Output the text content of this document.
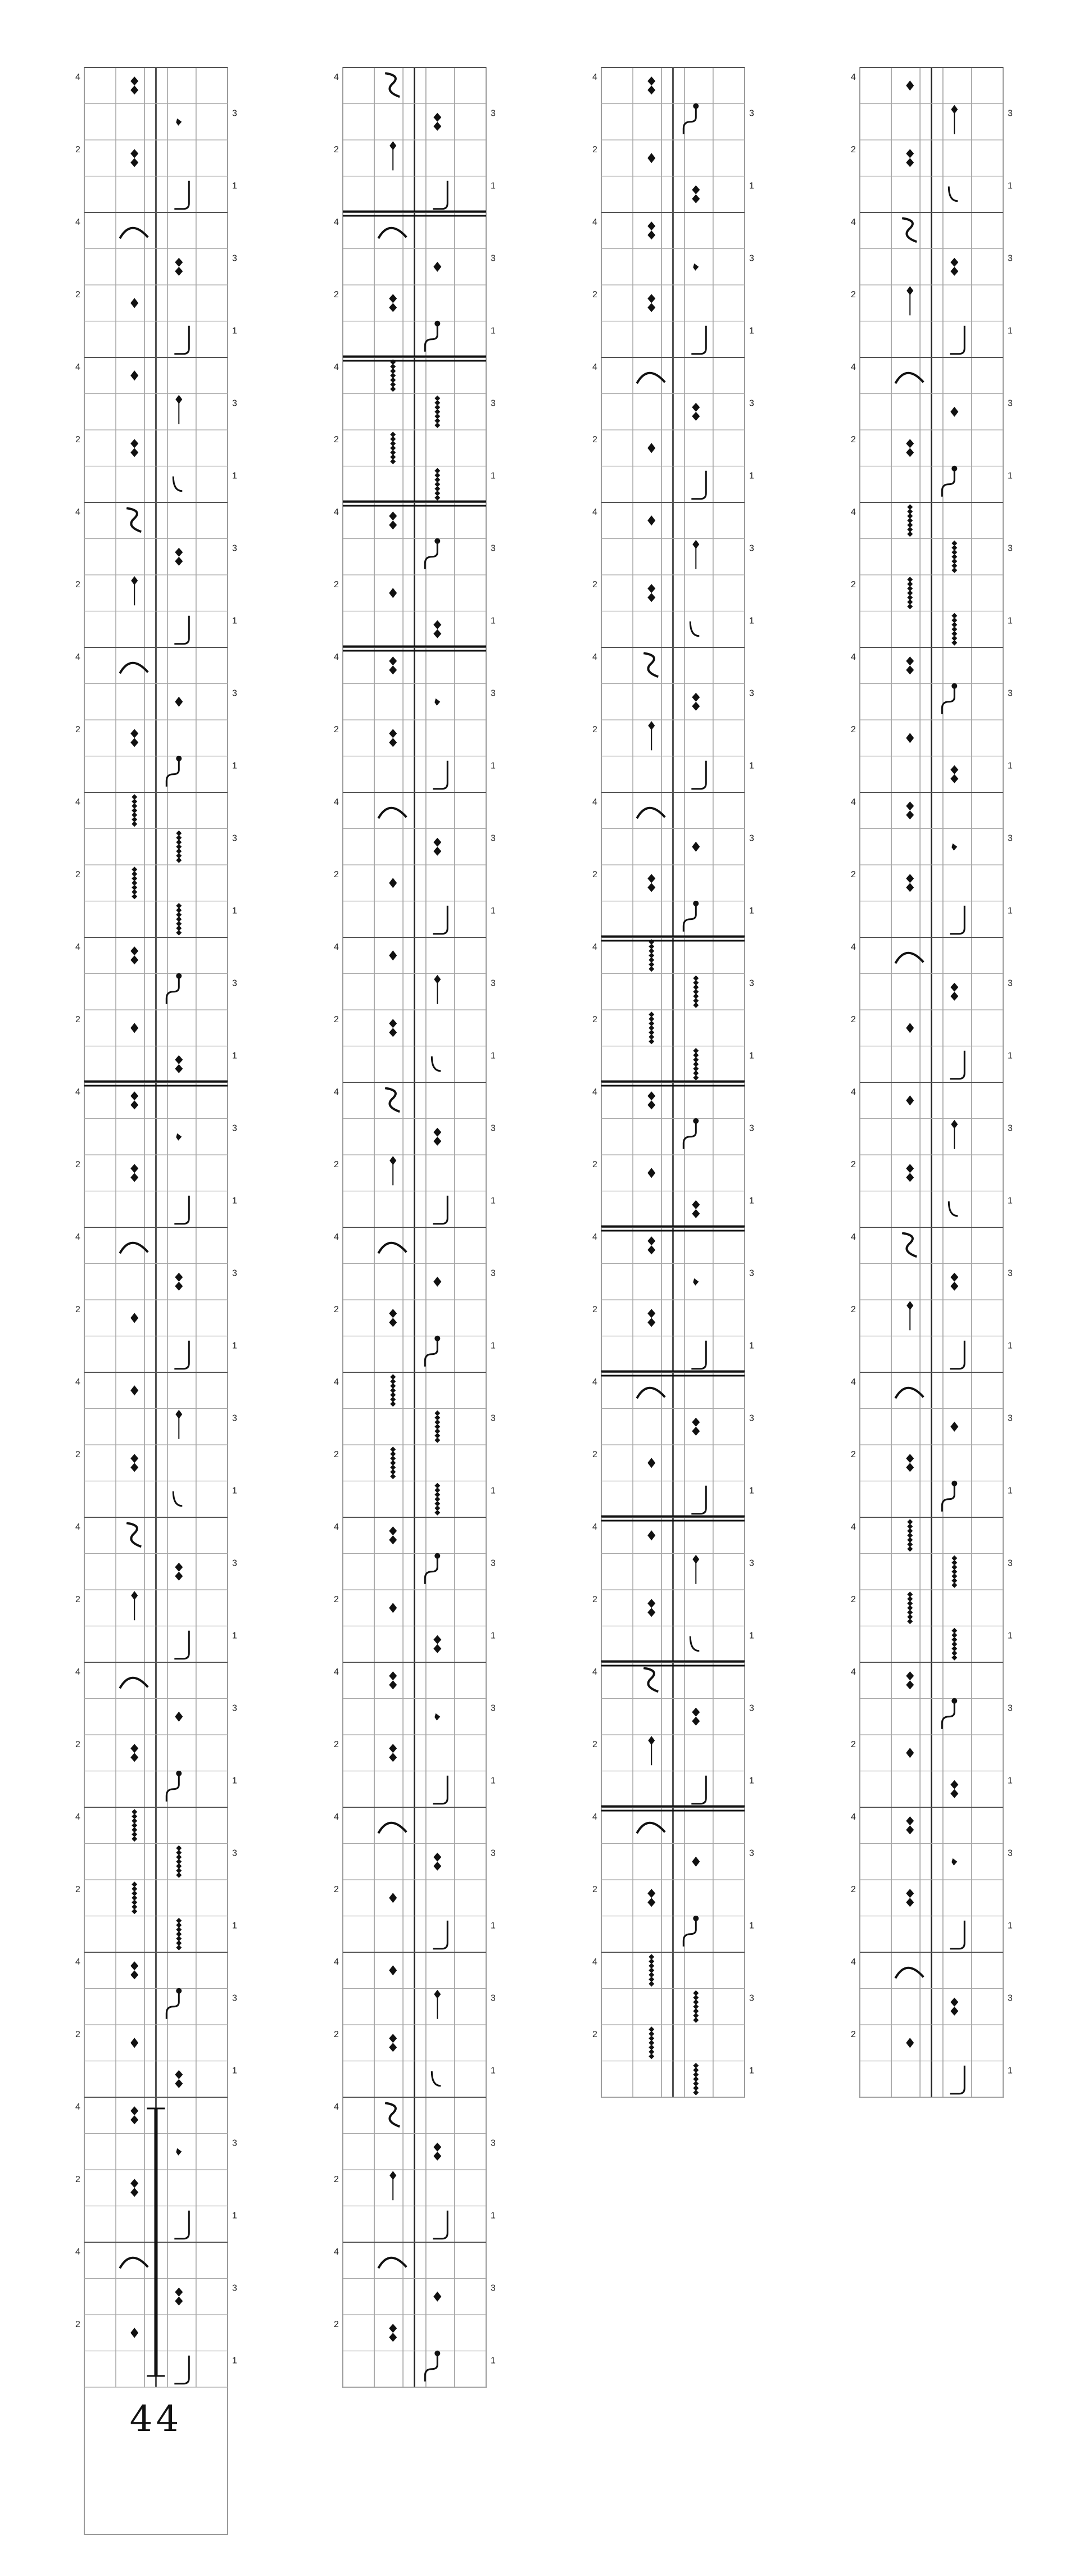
4
2
3
1
4
2
3
1
4
2
3
1
4
2
3
1
4
2
3
1
4
2
3
1
4
2
3
1
4
2
3
1
4
2
3
1
4
2
3
1
4
2
3
1
4
2
3
1
4
2
3
1
4
2
3
1
4
2
3
1
4
2
3
1
4
2
3
1
4
2
3
1
4
2
3
1
4
2
3
1
4
2
3
1
4
2
3
1
4
2
3
1
4
2
3
1
4
2
3
1
4
2
3
1
4
2
3
1
4
2
3
1
4
2
3
1
4
2
3
1
4
2
3
1
4
2
3
1
4
2
3
1
4
2
3
1
4
2
3
1
4
2
3
1
4
2
3
1
4
2
3
1
4
2
3
1
4
2
3
1
4
2
3
1
4
2
3
1
4
2
3
1
4
2
3
1
4
2
3
1
4
2
3
1
4
2
3
1
4
2
3
1
4
2
3
1
4
2
3
1
4
2
3
1
4
2
3
1
4
2
3
1
4
2
3
1
4
2
3
1
4
2
3
1
4
2
3
1
4
2
3
1
4
2
3
1
4
2
3
1
44
